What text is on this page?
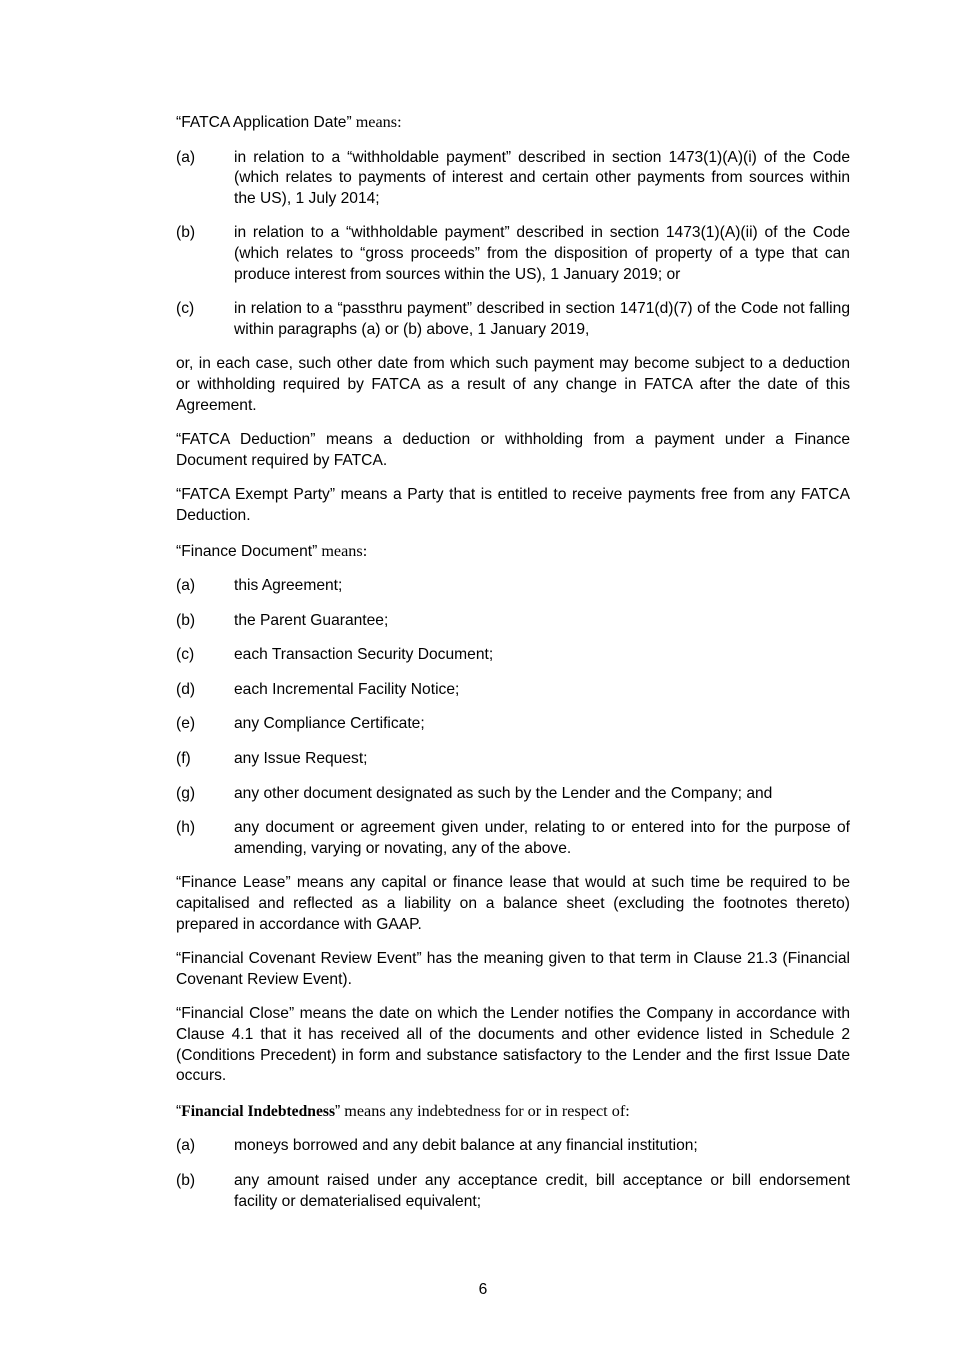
“FATCA Application Date” means:
(a)	in relation to a “withholdable payment” described in section 1473(1)(A)(i) of the Code (which relates to payments of interest and certain other payments from sources within the US), 1 July 2014;
(b)	in relation to a “withholdable payment” described in section 1473(1)(A)(ii) of the Code (which relates to “gross proceeds” from the disposition of property of a type that can produce interest from sources within the US), 1 January 2019; or
(c)	in relation to a “passthru payment” described in section 1471(d)(7) of the Code not falling within paragraphs (a) or (b) above, 1 January 2019,
or, in each case, such other date from which such payment may become subject to a deduction or withholding required by FATCA as a result of any change in FATCA after the date of this Agreement.
“FATCA Deduction” means a deduction or withholding from a payment under a Finance Document required by FATCA.
“FATCA Exempt Party” means a Party that is entitled to receive payments free from any FATCA Deduction.
“Finance Document” means:
(a)	this Agreement;
(b)	the Parent Guarantee;
(c)	each Transaction Security Document;
(d)	each Incremental Facility Notice;
(e)	any Compliance Certificate;
(f)	any Issue Request;
(g)	any other document designated as such by the Lender and the Company; and
(h)	any document or agreement given under, relating to or entered into for the purpose of amending, varying or novating, any of the above.
“Finance Lease” means any capital or finance lease that would at such time be required to be capitalised and reflected as a liability on a balance sheet (excluding the footnotes thereto) prepared in accordance with GAAP.
“Financial Covenant Review Event” has the meaning given to that term in Clause 21.3 (Financial Covenant Review Event).
“Financial Close” means the date on which the Lender notifies the Company in accordance with Clause 4.1 that it has received all of the documents and other evidence listed in Schedule 2 (Conditions Precedent) in form and substance satisfactory to the Lender and the first Issue Date occurs.
“Financial Indebtedness” means any indebtedness for or in respect of:
(a)	moneys borrowed and any debit balance at any financial institution;
(b)	any amount raised under any acceptance credit, bill acceptance or bill endorsement facility or dematerialised equivalent;
6
